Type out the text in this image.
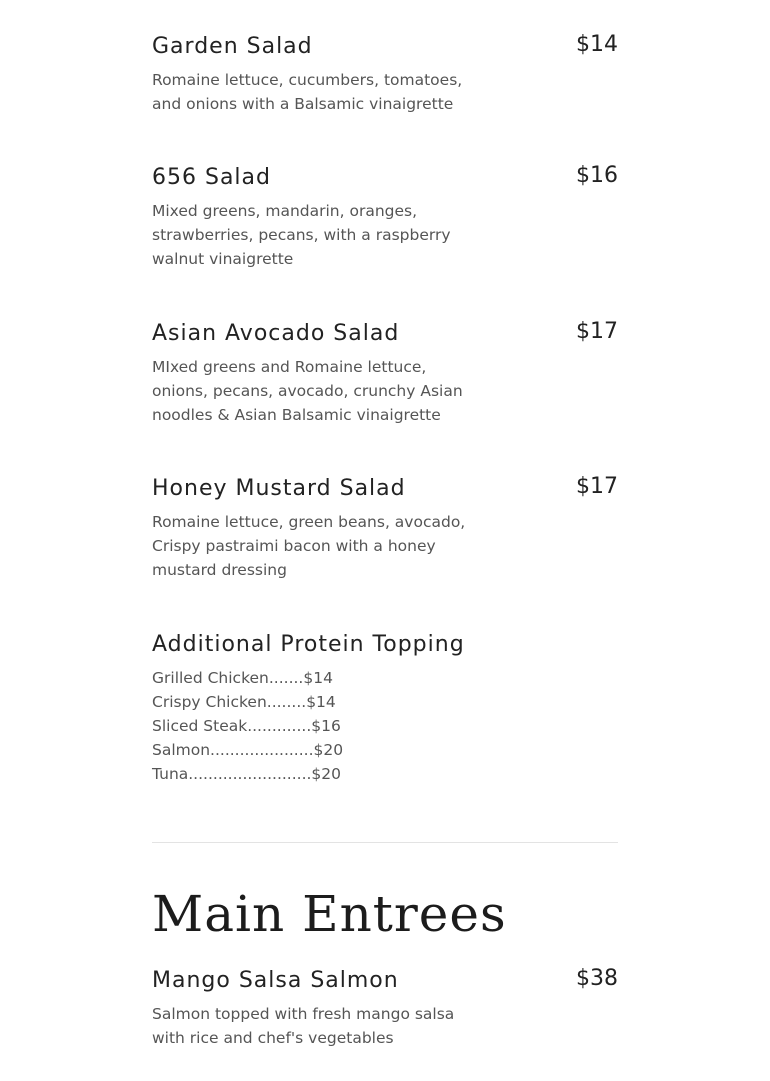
Garden Salad	$14

Romaine lettuce, cucumbers, tomatoes, and onions with a Balsamic vinaigrette

656 Salad	$16

Mixed greens, mandarin, oranges, strawberries, pecans, with a raspberry walnut vinaigrette

Asian Avocado Salad	$17

MIxed greens and Romaine lettuce, onions, pecans, avocado, crunchy Asian noodles & Asian Balsamic vinaigrette

Honey Mustard Salad	$17

Romaine lettuce, green beans, avocado, Crispy pastraimi bacon with a honey mustard dressing

Additional Protein Topping
Grilled Chicken.......$14
Crispy Chicken........$14
Sliced Steak.............$16
Salmon.....................$20
Tuna.........................$20
Main Entrees
Mango Salsa Salmon	$38

Salmon topped with fresh mango salsa with rice and chef's vegetables
